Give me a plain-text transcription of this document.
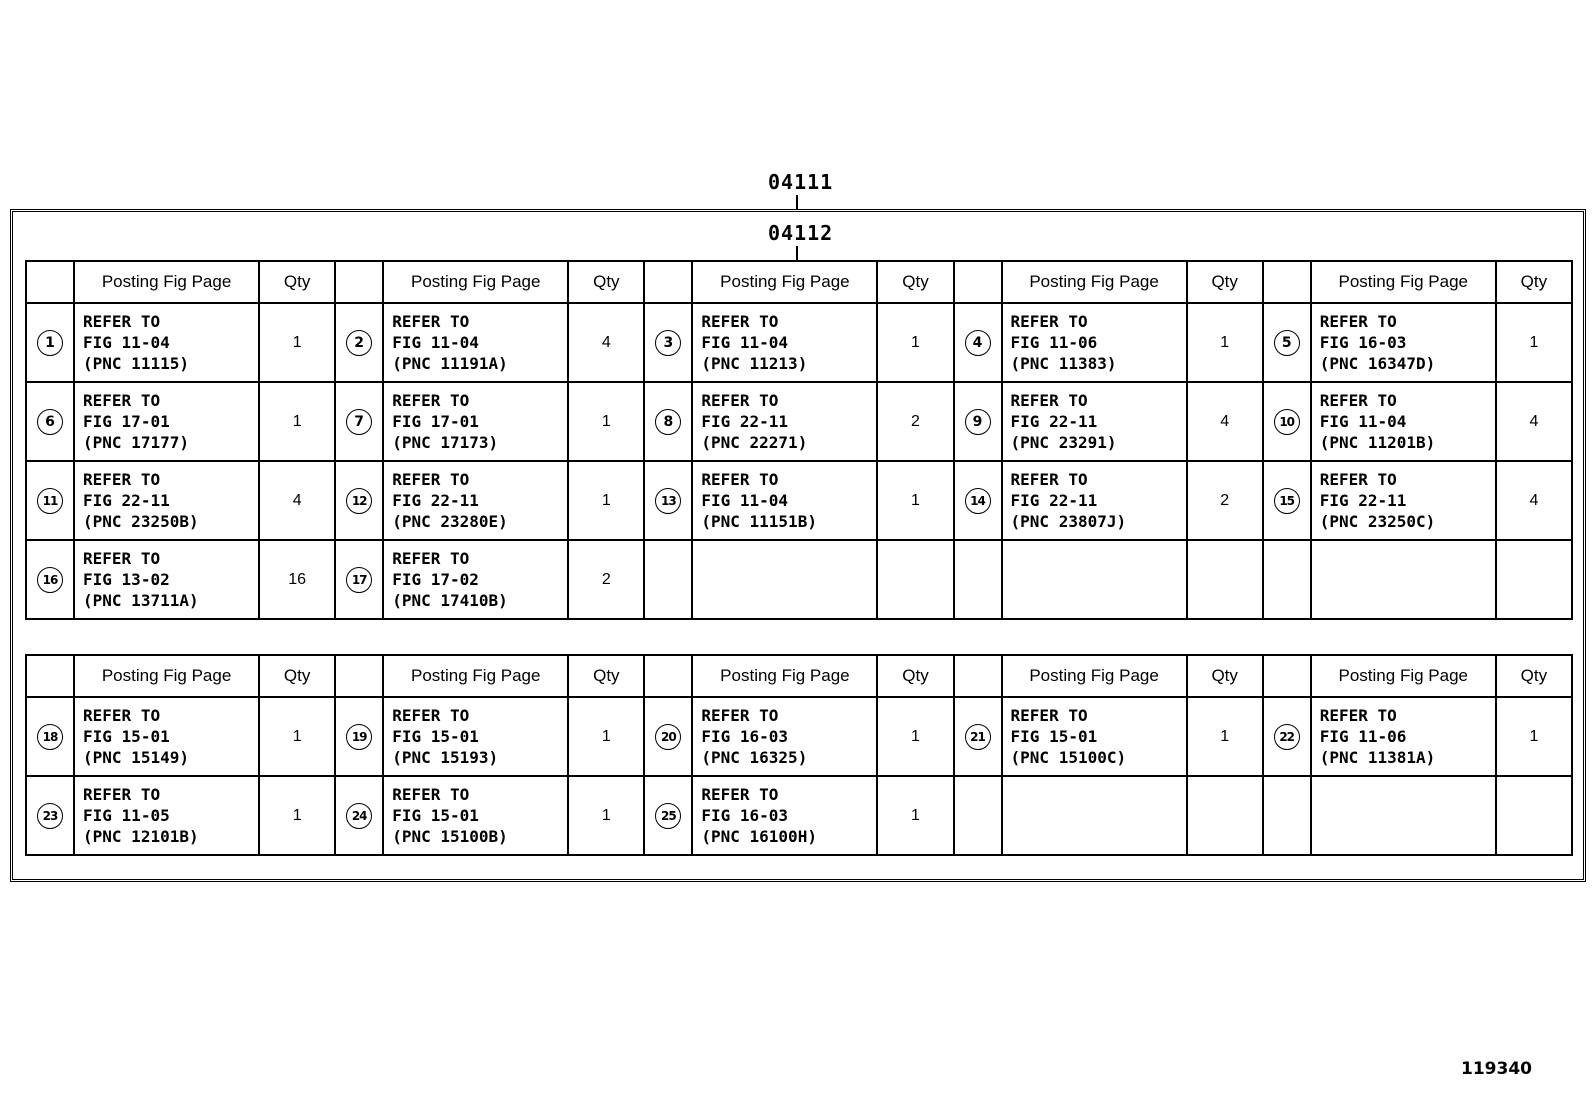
04111
04112
	Posting Fig Page	Qty		Posting Fig Page	Qty		Posting Fig Page	Qty		Posting Fig Page	Qty		Posting Fig Page	Qty
1	REFER TO
FIG 11-04
(PNC 11115)	1	2	REFER TO
FIG 11-04
(PNC 11191A)	4	3	REFER TO
FIG 11-04
(PNC 11213)	1	4	REFER TO
FIG 11-06
(PNC 11383)	1	5	REFER TO
FIG 16-03
(PNC 16347D)	1
6	REFER TO
FIG 17-01
(PNC 17177)	1	7	REFER TO
FIG 17-01
(PNC 17173)	1	8	REFER TO
FIG 22-11
(PNC 22271)	2	9	REFER TO
FIG 22-11
(PNC 23291)	4	10	REFER TO
FIG 11-04
(PNC 11201B)	4
11	REFER TO
FIG 22-11
(PNC 23250B)	4	12	REFER TO
FIG 22-11
(PNC 23280E)	1	13	REFER TO
FIG 11-04
(PNC 11151B)	1	14	REFER TO
FIG 22-11
(PNC 23807J)	2	15	REFER TO
FIG 22-11
(PNC 23250C)	4
16	REFER TO
FIG 13-02
(PNC 13711A)	16	17	REFER TO
FIG 17-02
(PNC 17410B)	2									
	Posting Fig Page	Qty		Posting Fig Page	Qty		Posting Fig Page	Qty		Posting Fig Page	Qty		Posting Fig Page	Qty
18	REFER TO
FIG 15-01
(PNC 15149)	1	19	REFER TO
FIG 15-01
(PNC 15193)	1	20	REFER TO
FIG 16-03
(PNC 16325)	1	21	REFER TO
FIG 15-01
(PNC 15100C)	1	22	REFER TO
FIG 11-06
(PNC 11381A)	1
23	REFER TO
FIG 11-05
(PNC 12101B)	1	24	REFER TO
FIG 15-01
(PNC 15100B)	1	25	REFER TO
FIG 16-03
(PNC 16100H)	1						
119340
